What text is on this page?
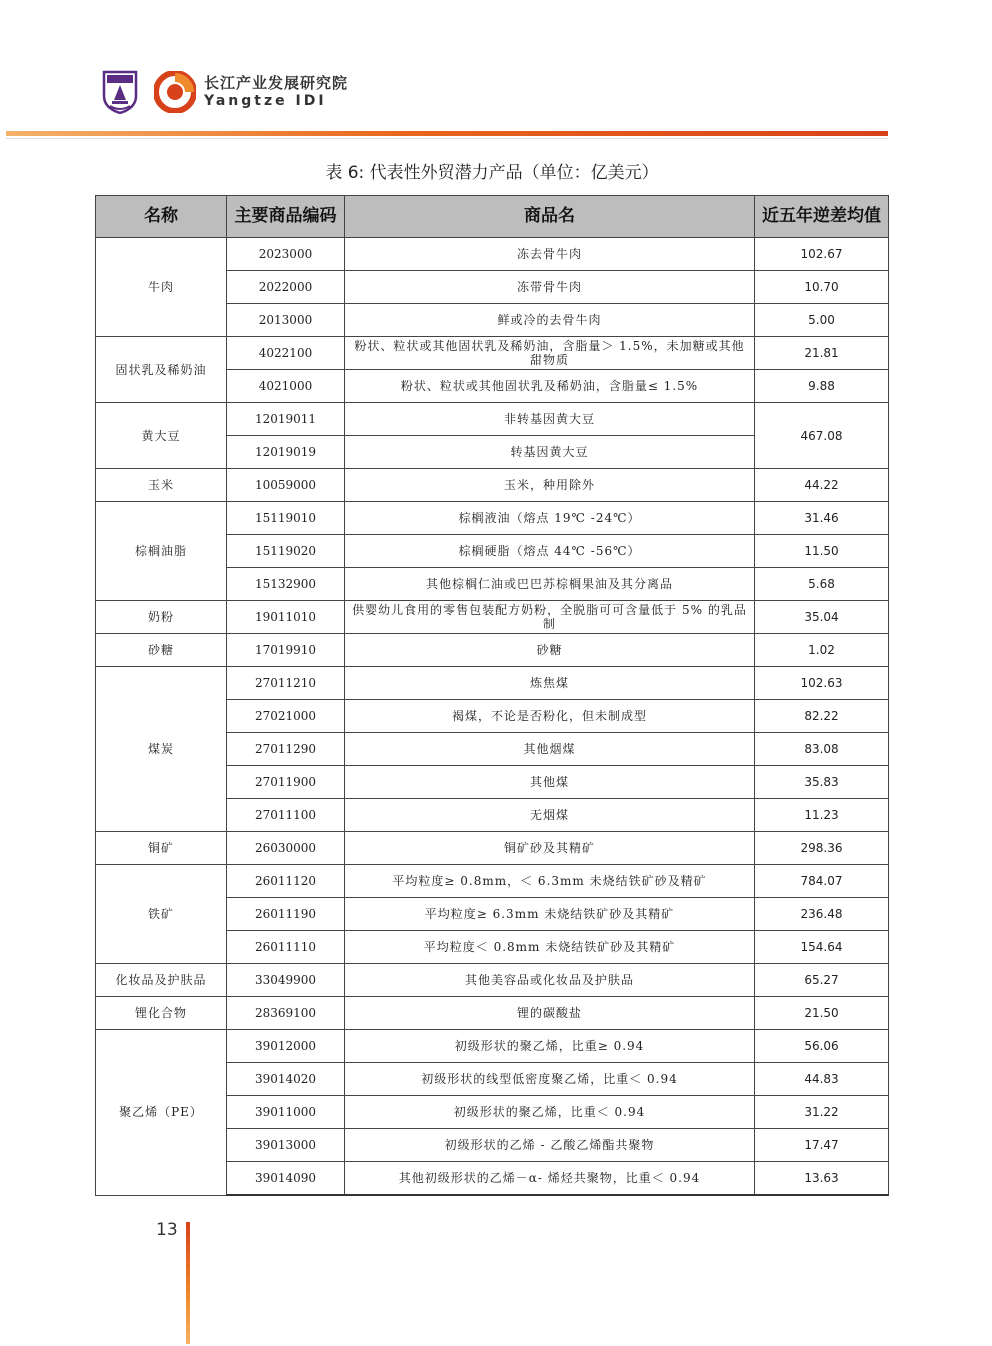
长江产业发展研究院
Yangtze IDI
表 6: 代表性外贸潜力产品（单位：亿美元）
名称	主要商品编码	商品名	近五年逆差均值
牛肉	2023000	冻去骨牛肉	102.67
	2022000	冻带骨牛肉	10.70
	2013000	鲜或冷的去骨牛肉	5.00
固状乳及稀奶油	4022100	粉状、粒状或其他固状乳及稀奶油，含脂量＞ 1.5%，未加糖或其他甜物质	21.81
	4021000	粉状、粒状或其他固状乳及稀奶油，含脂量≤ 1.5%	9.88
黄大豆	12019011	非转基因黄大豆	467.08
	12019019	转基因黄大豆	
玉米	10059000	玉米，种用除外	44.22
棕榈油脂	15119010	棕榈液油（熔点 19℃ -24℃）	31.46
	15119020	棕榈硬脂（熔点 44℃ -56℃）	11.50
	15132900	其他棕榈仁油或巴巴苏棕榈果油及其分离品	5.68
奶粉	19011010	供婴幼儿食用的零售包装配方奶粉，全脱脂可可含量低于 5% 的乳品制	35.04
砂糖	17019910	砂糖	1.02
煤炭	27011210	炼焦煤	102.63
	27021000	褐煤，不论是否粉化，但未制成型	82.22
	27011290	其他烟煤	83.08
	27011900	其他煤	35.83
	27011100	无烟煤	11.23
铜矿	26030000	铜矿砂及其精矿	298.36
铁矿	26011120	平均粒度≥ 0.8mm，＜ 6.3mm 未烧结铁矿砂及精矿	784.07
	26011190	平均粒度≥ 6.3mm 未烧结铁矿砂及其精矿	236.48
	26011110	平均粒度＜ 0.8mm 未烧结铁矿砂及其精矿	154.64
化妆品及护肤品	33049900	其他美容品或化妆品及护肤品	65.27
锂化合物	28369100	锂的碳酸盐	21.50
聚乙烯（PE）	39012000	初级形状的聚乙烯，比重≥ 0.94	56.06
	39014020	初级形状的线型低密度聚乙烯，比重＜ 0.94	44.83
	39011000	初级形状的聚乙烯，比重＜ 0.94	31.22
	39013000	初级形状的乙烯 - 乙酸乙烯酯共聚物	17.47
	39014090	其他初级形状的乙烯－α- 烯烃共聚物，比重＜ 0.94	13.63
13
